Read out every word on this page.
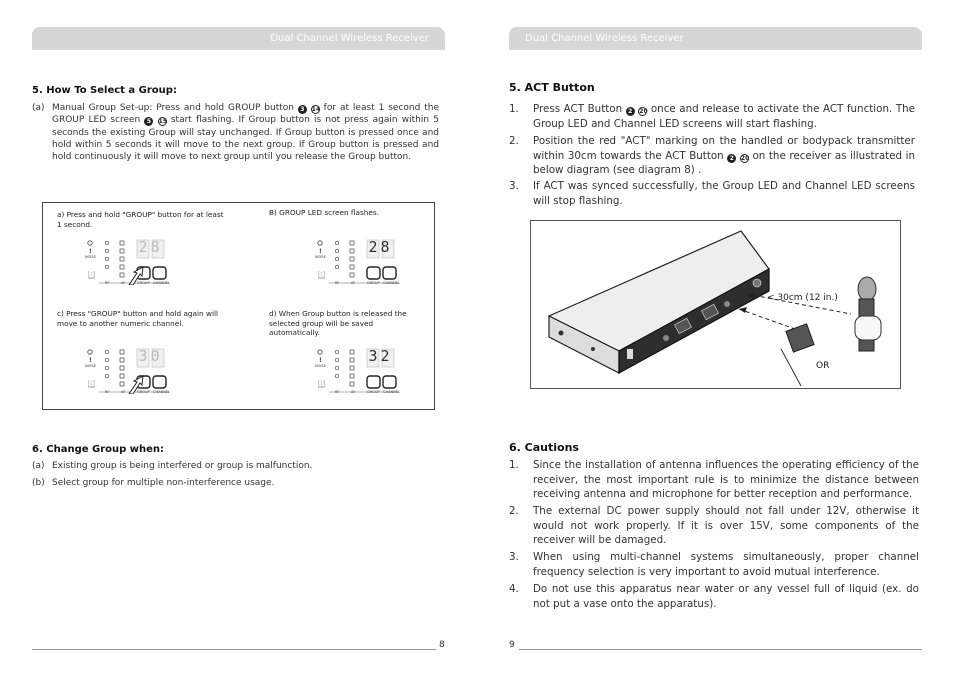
Dual Channel Wireless Receiver	Dual Channel Wireless Receiver
5. How To Select a Group:
(a) Manual Group Set-up: Press and hold GROUP button 3 14 for at least 1 second the GROUP LED screen 5 15 start flashing. If Group button is not press again within 5 seconds the existing Group will stay unchanged. If Group button is pressed once and hold within 5 seconds it will move to the next group. If Group button is pressed and hold continuously it will move to next group until you release the Group button.
a) Press and hold "GROUP" button for at least 1 second.
B) GROUP LED screen flashes.
c) Press "GROUP" button and hold again will move to another numeric channel.
d) When Group button is released the selected group will be saved automatically.
!	28
NOISE
B
RF	AF	GROUP CHANNEL
!	28
NOISE
B
RF	AF	GROUP CHANNEL
!	30
NOISE
B
RF	AF	GROUP CHANNEL
!	32
NOISE
B
RF	AF	GROUP CHANNEL
6. Change Group when:
(a) Existing group is being interfered or group is malfunction.
(b) Select group for multiple non-interference usage.
8
5. ACT Button
1. Press ACT Button 2 20 once and release to activate the ACT function. The Group LED and Channel LED screens will start flashing.
2. Position the red "ACT" marking on the handled or bodypack transmitter within 30cm towards the ACT Button 2 20 on the receiver as illustrated in below diagram (see diagram 8) .
3. If ACT was synced successfully, the Group LED and Channel LED screens will stop flashing.
< 30cm (12 in.)
OR
6. Cautions
1. Since the installation of antenna influences the operating efficiency of the receiver, the most important rule is to minimize the distance between receiving antenna and microphone for better reception and performance.
2. The external DC power supply should not fall under 12V, otherwise it would not work properly. If it is over 15V, some components of the receiver will be damaged.
3. When using multi-channel systems simultaneously, proper channel frequency selection is very important to avoid mutual interference.
4. Do not use this apparatus near water or any vessel full of liquid (ex. do not put a vase onto the apparatus).
9
